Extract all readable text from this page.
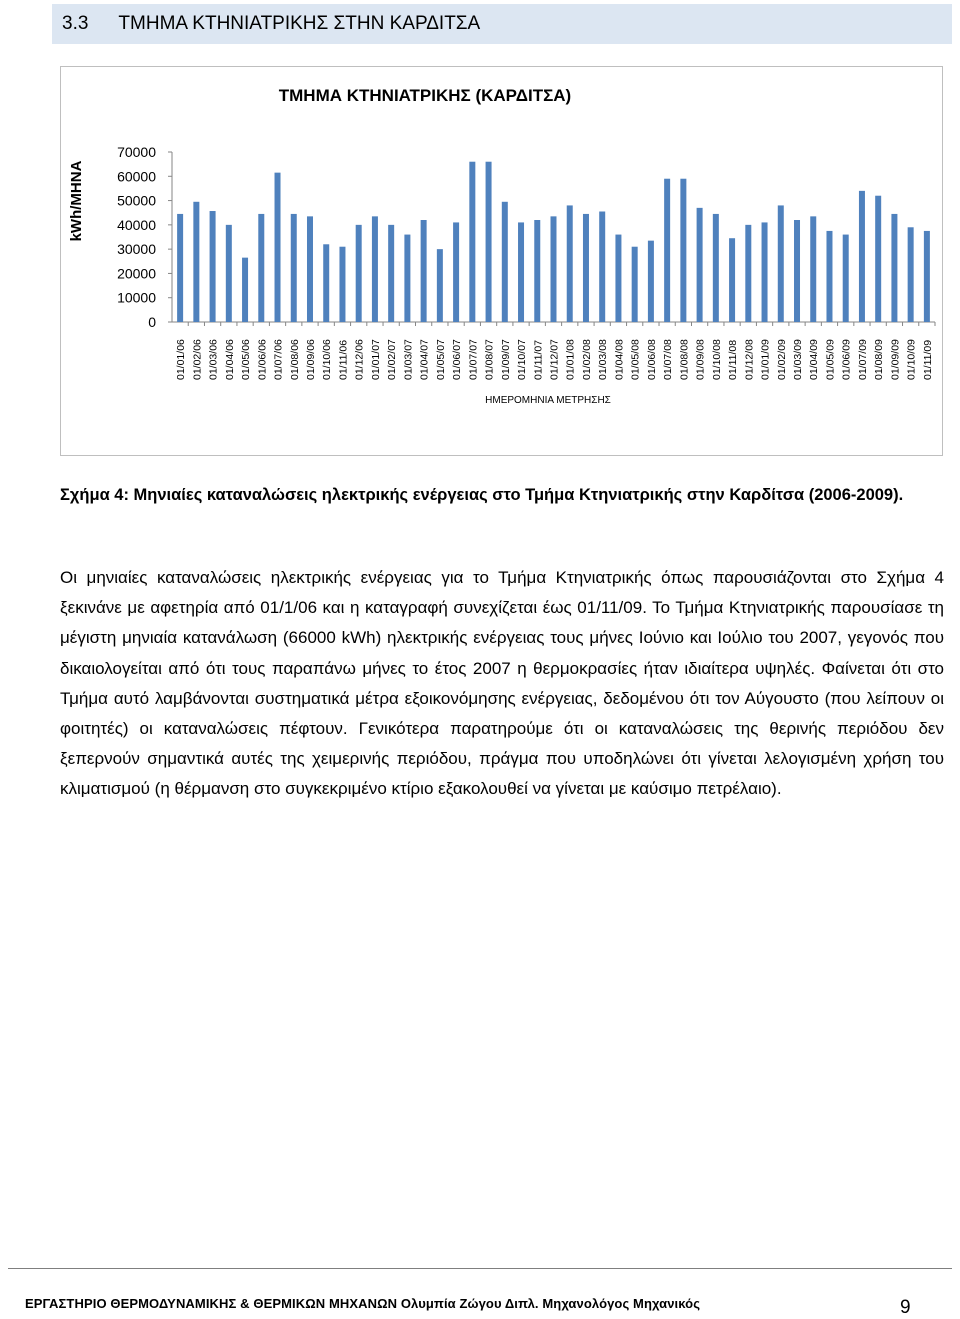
3.3 ΤΜΗΜΑ ΚΤΗΝΙΑΤΡΙΚΗΣ ΣΤΗΝ ΚΑΡΔΙΤΣΑ
ΤΜΗΜΑ ΚΤΗΝΙΑΤΡΙΚΗΣ (ΚΑΡΔΙΤΣΑ)
kWh/MHNA
ΗΜΕΡΟΜΗΝΙΑ ΜΕΤΡΗΣΗΣ
0
10000
20000
30000
40000
50000
60000
70000
01/01/06 01/02/06 01/03/06 01/04/06 01/05/06 01/06/06 01/07/06 01/08/06 01/09/06 01/10/06 01/11/06 01/12/06 01/01/07 01/02/07 01/03/07 01/04/07 01/05/07 01/06/07 01/07/07 01/08/07 01/09/07 01/10/07 01/11/07 01/12/07 01/01/08 01/02/08 01/03/08 01/04/08 01/05/08 01/06/08 01/07/08 01/08/08 01/09/08 01/10/08 01/11/08 01/12/08 01/01/09 01/02/09 01/03/09 01/04/09 01/05/09 01/06/09 01/07/09 01/08/09 01/09/09 01/10/09 01/11/09
Σχήμα 4: Μηνιαίες καταναλώσεις ηλεκτρικής ενέργειας στο Τμήμα Κτηνιατρικής στην Καρδίτσα (2006-2009).
Οι μηνιαίες καταναλώσεις ηλεκτρικής ενέργειας για το Τμήμα Κτηνιατρικής όπως παρουσιάζονται στο Σχήμα 4 ξεκινάνε με αφετηρία από 01/1/06 και η καταγραφή συνεχίζεται έως 01/11/09. Το Τμήμα Κτηνιατρικής παρουσίασε τη μέγιστη μηνιαία κατανάλωση (66000 kWh) ηλεκτρικής ενέργειας τους μήνες Ιούνιο και Ιούλιο του 2007, γεγονός που δικαιολογείται από ότι τους παραπάνω μήνες το έτος 2007 η θερμοκρασίες ήταν ιδιαίτερα υψηλές. Φαίνεται ότι στο Τμήμα αυτό λαμβάνονται συστηματικά μέτρα εξοικονόμησης ενέργειας, δεδομένου ότι τον Αύγουστο (που λείπουν οι φοιτητές) οι καταναλώσεις πέφτουν. Γενικότερα παρατηρούμε ότι οι καταναλώσεις της θερινής περιόδου δεν ξεπερνούν σημαντικά αυτές της χειμερινής περιόδου, πράγμα που υποδηλώνει ότι γίνεται λελογισμένη χρήση του κλιματισμού (η θέρμανση στο συγκεκριμένο κτίριο εξακολουθεί να γίνεται με καύσιμο πετρέλαιο).
ΕΡΓΑΣΤΗΡΙΟ ΘΕΡΜΟΔΥΝΑΜΙΚΗΣ & ΘΕΡΜΙΚΩΝ ΜΗΧΑΝΩΝ Ολυμπία Ζώγου Διπλ. Μηχανολόγος Μηχανικός	9
